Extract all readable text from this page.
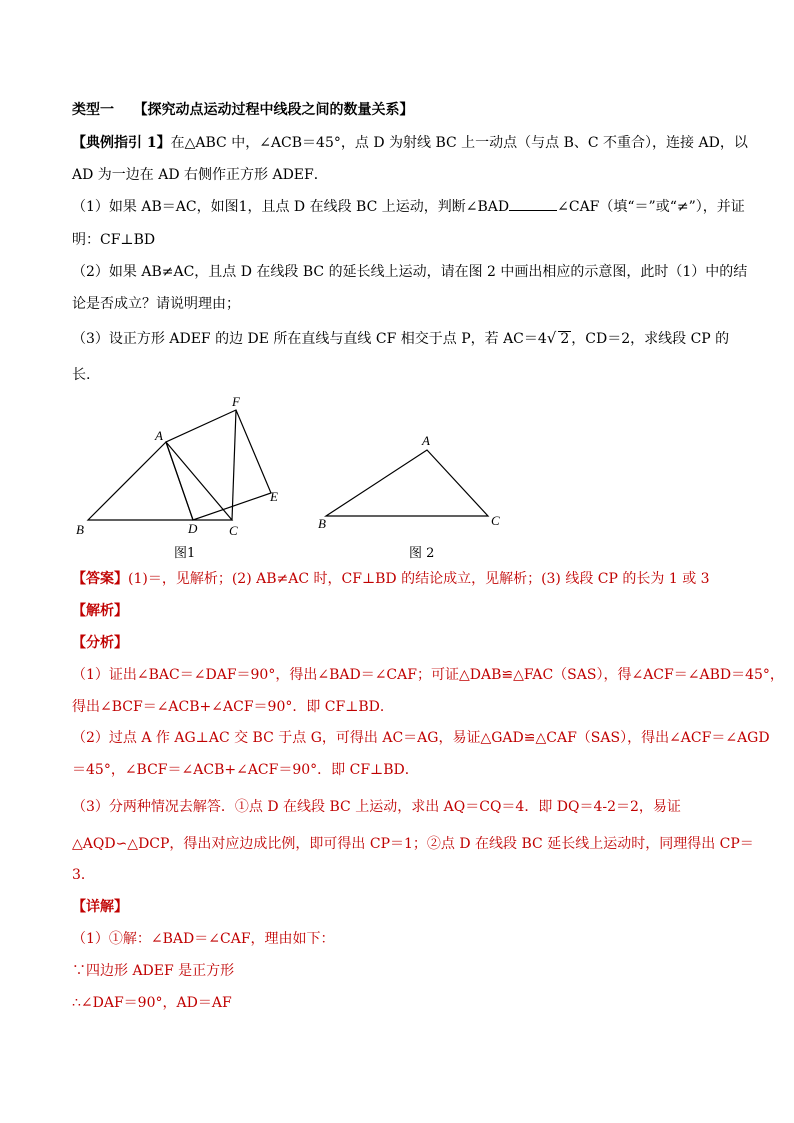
类型一 【探究动点运动过程中线段之间的数量关系】
【典例指引 1】在△ABC 中，∠ACB＝45°，点 D 为射线 BC 上一动点（与点 B、C 不重合），连接 AD，以
AD 为一边在 AD 右侧作正方形 ADEF．
（1）如果 AB＝AC，如图1，且点 D 在线段 BC 上运动，判断∠BAD	∠CAF（填“＝”或“≠”），并证
明：CF⊥BD
（2）如果 AB≠AC，且点 D 在线段 BC 的延长线上运动，请在图 2 中画出相应的示意图，此时（1）中的结
论是否成立？请说明理由；
（3）设正方形 ADEF 的边 DE 所在直线与直线 CF 相交于点 P，若 AC＝4√ 2 ，CD＝2，求线段 CP 的
长.
A
B	C
D
E
F
A
B	C
图1	图 2
【答案】(1)＝，见解析；(2) AB≠AC 时，CF⊥BD 的结论成立，见解析；(3) 线段 CP 的长为 1 或 3
【解析】
【分析】
（1）证出∠BAC＝∠DAF＝90°，得出∠BAD＝∠CAF；可证△DAB≌△FAC（SAS），得∠ACF＝∠ABD＝45°，
得出∠BCF＝∠ACB+∠ACF＝90°．即 CF⊥BD．
（2）过点 A 作 AG⊥AC 交 BC 于点 G，可得出 AC＝AG，易证△GAD≌△CAF（SAS），得出∠ACF＝∠AGD
＝45°，∠BCF＝∠ACB+∠ACF＝90°．即 CF⊥BD．
（3）分两种情况去解答．①点 D 在线段 BC 上运动，求出 AQ＝CQ＝4．即 DQ＝4-2＝2，易证
△AQD∽△DCP，得出对应边成比例，即可得出 CP＝1；②点 D 在线段 BC 延长线上运动时，同理得出 CP＝
3．
【详解】
（1）①解：∠BAD＝∠CAF，理由如下：
∵四边形 ADEF 是正方形
∴∠DAF＝90°，AD＝AF
